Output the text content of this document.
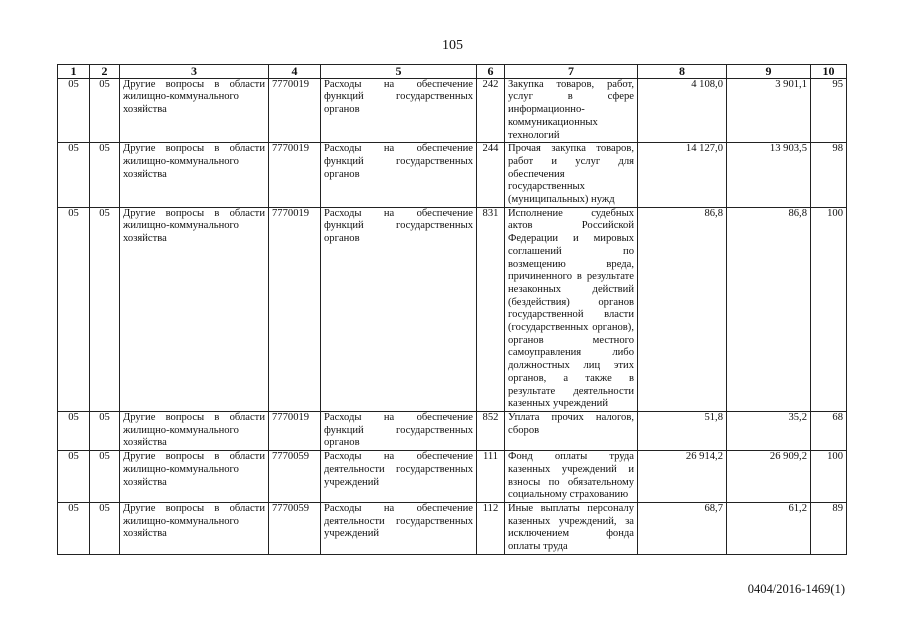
105
1	2	3	4	5	6	7	8	9	10
05	05	Другие вопросы в области жилищно-коммунального хозяйства	7770019	Расходы на обеспечение функций государственных органов	242	Закупка товаров, работ, услуг в сфере информационно-коммуникационных технологий	4 108,0	3 901,1	95
05	05	Другие вопросы в области жилищно-коммунального хозяйства	7770019	Расходы на обеспечение функций государственных органов	244	Прочая закупка товаров, работ и услуг для обеспечения государственных (муниципальных) нужд	14 127,0	13 903,5	98
05	05	Другие вопросы в области жилищно-коммунального хозяйства	7770019	Расходы на обеспечение функций государственных органов	831	Исполнение судебных актов Российской Федерации и мировых соглашений по возмещению вреда, причиненного в результате незаконных действий (бездействия) органов государственной власти (государственных органов), органов местного самоуправления либо должностных лиц этих органов, а также в результате деятельности казенных учреждений	86,8	86,8	100
05	05	Другие вопросы в области жилищно-коммунального хозяйства	7770019	Расходы на обеспечение функций государственных органов	852	Уплата прочих налогов, сборов	51,8	35,2	68
05	05	Другие вопросы в области жилищно-коммунального хозяйства	7770059	Расходы на обеспечение деятельности государственных учреждений	111	Фонд оплаты труда казенных учреждений и взносы по обязательному социальному страхованию	26 914,2	26 909,2	100
05	05	Другие вопросы в области жилищно-коммунального хозяйства	7770059	Расходы на обеспечение деятельности государственных учреждений	112	Иные выплаты персоналу казенных учреждений, за исключением фонда оплаты труда	68,7	61,2	89
0404/2016-1469(1)
